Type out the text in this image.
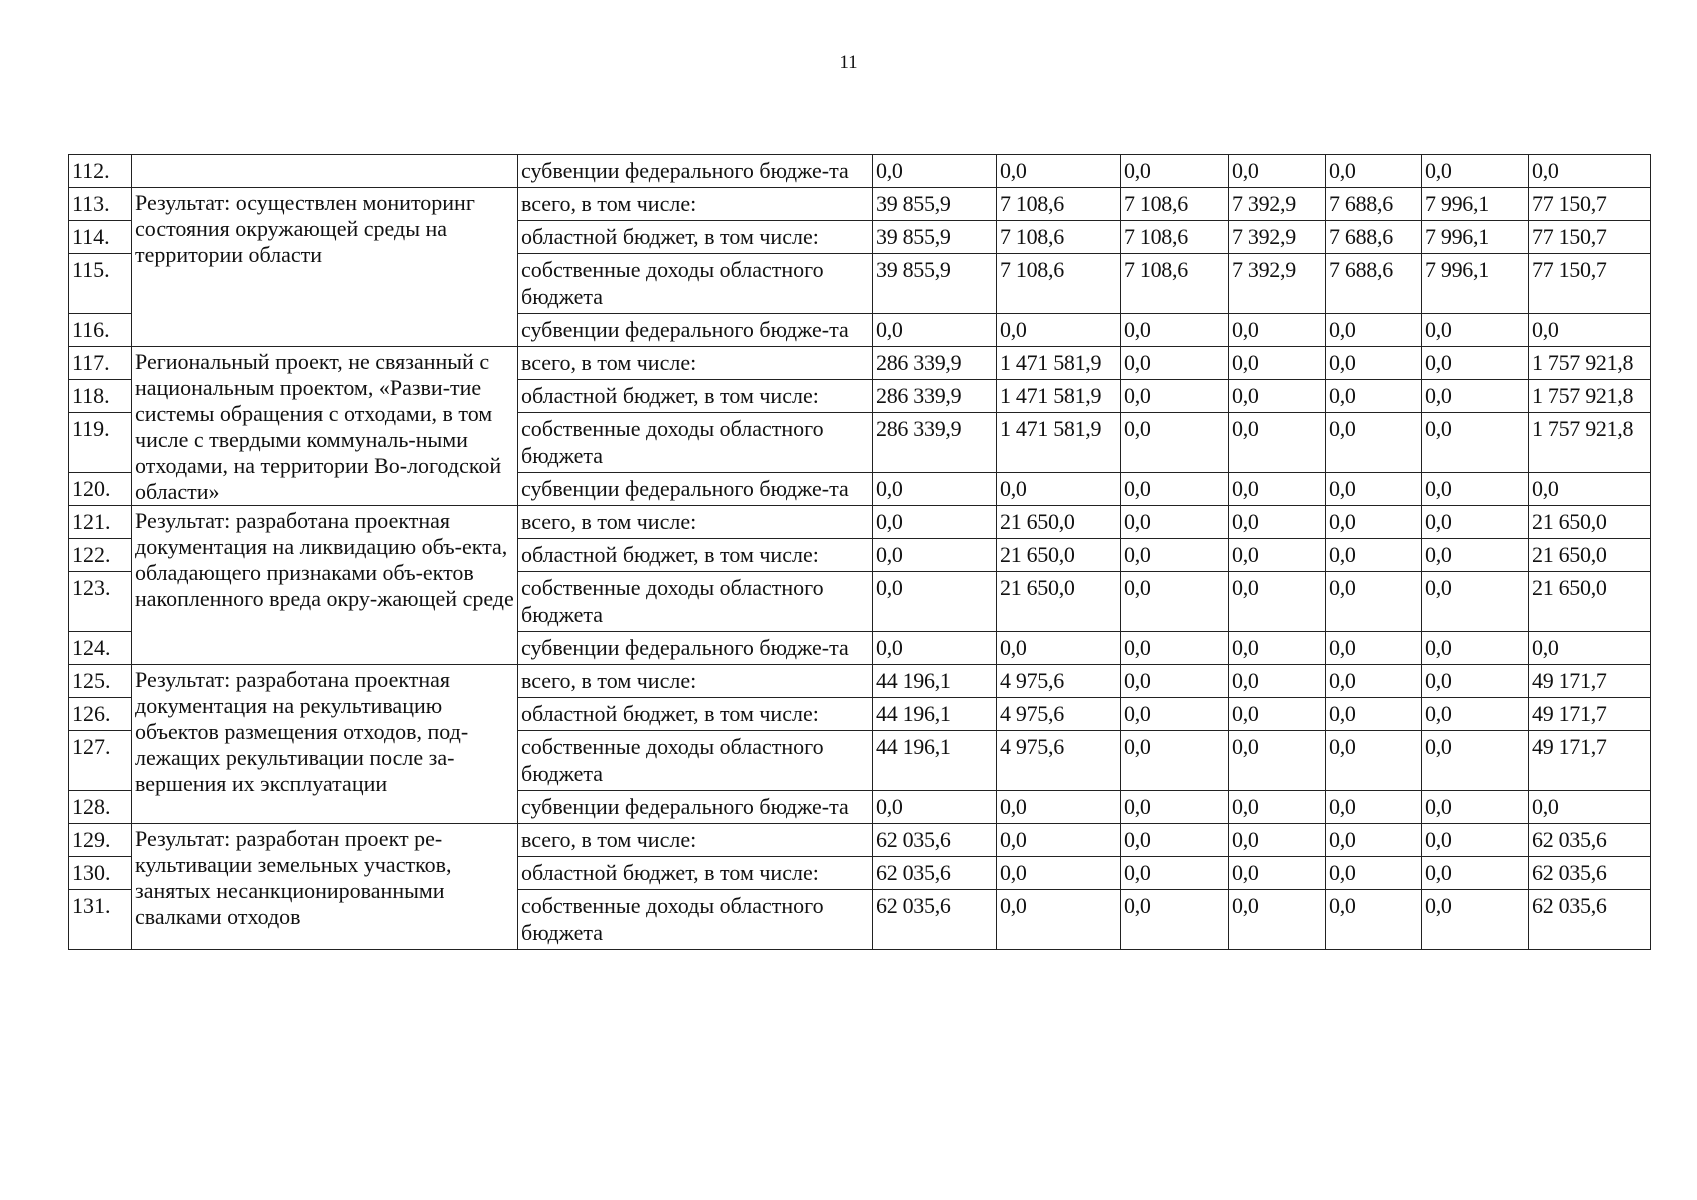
11
112.		субвенции федерального бюдже-та	0,0	0,0	0,0	0,0	0,0	0,0	0,0
113.	Результат: осуществлен мониторинг состояния окружающей среды на территории области	всего, в том числе:	39 855,9	7 108,6	7 108,6	7 392,9	7 688,6	7 996,1	77 150,7
114.		областной бюджет, в том числе:	39 855,9	7 108,6	7 108,6	7 392,9	7 688,6	7 996,1	77 150,7
115.		собственные доходы областного бюджета	39 855,9	7 108,6	7 108,6	7 392,9	7 688,6	7 996,1	77 150,7
116.		субвенции федерального бюдже-та	0,0	0,0	0,0	0,0	0,0	0,0	0,0
117.	Региональный проект, не связанный с национальным проектом, «Разви-тие системы обращения с отходами, в том числе с твердыми коммуналь-ными отходами, на территории Во-логодской области»	всего, в том числе:	286 339,9	1 471 581,9	0,0	0,0	0,0	0,0	1 757 921,8
118.		областной бюджет, в том числе:	286 339,9	1 471 581,9	0,0	0,0	0,0	0,0	1 757 921,8
119.		собственные доходы областного бюджета	286 339,9	1 471 581,9	0,0	0,0	0,0	0,0	1 757 921,8
120.		субвенции федерального бюдже-та	0,0	0,0	0,0	0,0	0,0	0,0	0,0
121.	Результат: разработана проектная документация на ликвидацию объ-екта, обладающего признаками объ-ектов накопленного вреда окру-жающей среде	всего, в том числе:	0,0	21 650,0	0,0	0,0	0,0	0,0	21 650,0
122.		областной бюджет, в том числе:	0,0	21 650,0	0,0	0,0	0,0	0,0	21 650,0
123.		собственные доходы областного бюджета	0,0	21 650,0	0,0	0,0	0,0	0,0	21 650,0
124.		субвенции федерального бюдже-та	0,0	0,0	0,0	0,0	0,0	0,0	0,0
125.	Результат: разработана проектная документация на рекультивацию объектов размещения отходов, под-лежащих рекультивации после за-вершения их эксплуатации	всего, в том числе:	44 196,1	4 975,6	0,0	0,0	0,0	0,0	49 171,7
126.		областной бюджет, в том числе:	44 196,1	4 975,6	0,0	0,0	0,0	0,0	49 171,7
127.		собственные доходы областного бюджета	44 196,1	4 975,6	0,0	0,0	0,0	0,0	49 171,7
128.		субвенции федерального бюдже-та	0,0	0,0	0,0	0,0	0,0	0,0	0,0
129.	Результат: разработан проект ре-культивации земельных участков, занятых несанкционированными свалками отходов	всего, в том числе:	62 035,6	0,0	0,0	0,0	0,0	0,0	62 035,6
130.		областной бюджет, в том числе:	62 035,6	0,0	0,0	0,0	0,0	0,0	62 035,6
131.		собственные доходы областного бюджета	62 035,6	0,0	0,0	0,0	0,0	0,0	62 035,6
